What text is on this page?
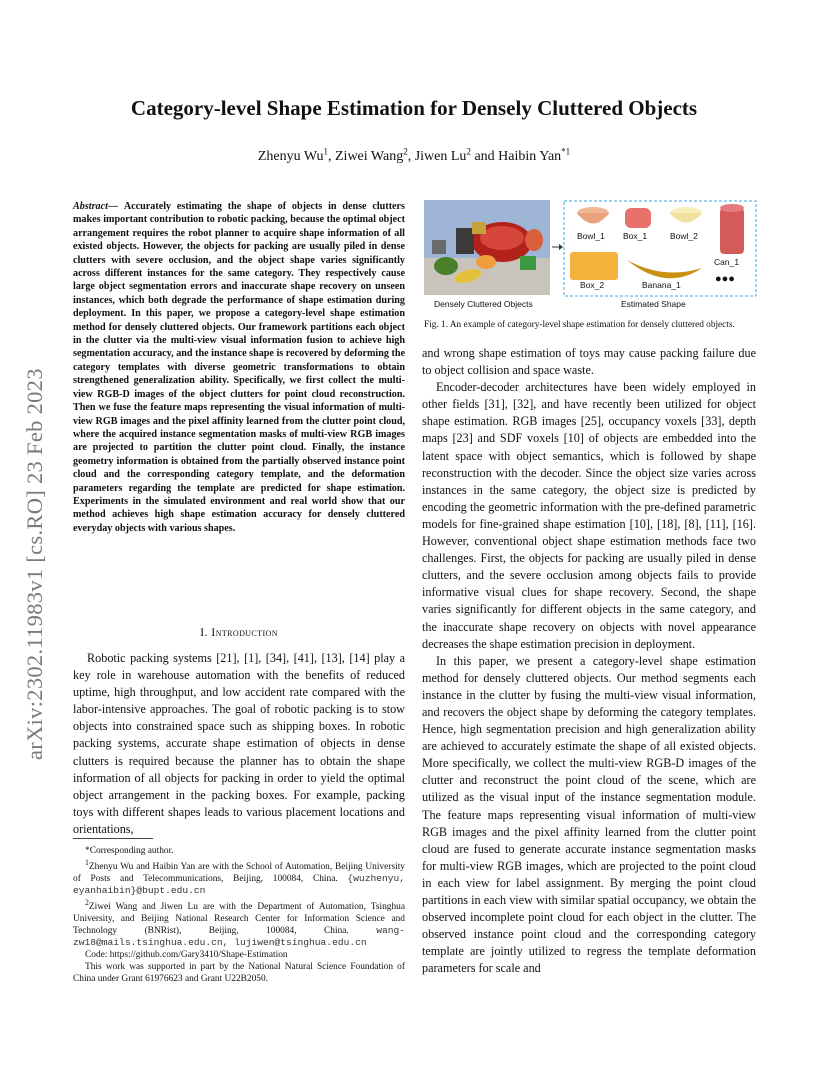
arXiv:2302.11983v1 [cs.RO] 23 Feb 2023
Category-level Shape Estimation for Densely Cluttered Objects
Zhenyu Wu$^1$, Ziwei Wang$^2$, Jiwen Lu$^2$ and Haibin Yan$^{*1}$
Abstract— Accurately estimating the shape of objects in dense clutters makes important contribution to robotic packing, because the optimal object arrangement requires the robot planner to acquire shape information of all existed objects. However, the objects for packing are usually piled in dense clutters with severe occlusion, and the object shape varies significantly across different instances for the same category. They respectively cause large object segmentation errors and inaccurate shape recovery on unseen instances, which both degrade the performance of shape estimation during deployment. In this paper, we propose a category-level shape estimation method for densely cluttered objects. Our framework partitions each object in the clutter via the multi-view visual information fusion to achieve high segmentation accuracy, and the instance shape is recovered by deforming the category templates with diverse geometric transformations to obtain strengthened generalization ability. Specifically, we first collect the multi-view RGB-D images of the object clutters for point cloud reconstruction. Then we fuse the feature maps representing the visual information of multi-view RGB images and the pixel affinity learned from the clutter point cloud, where the acquired instance segmentation masks of multi-view RGB images are projected to partition the clutter point cloud. Finally, the instance geometry information is obtained from the partially observed instance point cloud and the corresponding category template, and the deformation parameters regarding the template are predicted for shape estimation. Experiments in the simulated environment and real world show that our method achieves high shape estimation accuracy for densely cluttered everyday objects with various shapes.
I. Introduction

Robotic packing systems [21], [1], [34], [41], [13], [14] play a key role in warehouse automation with the benefits of reduced uptime, high throughput, and low accident rate compared with the labor-intensive approaches. The goal of robotic packing is to stow objects into constrained space such as shipping boxes. In robotic packing systems, accurate shape estimation of objects in dense clutters is required because the planner has to obtain the shape information of all objects for packing in order to yield the optimal object arrangement in the packing boxes. For example, packing toys with different shapes leads to various placement locations and orientations,

*Corresponding author.

$^1$Zhenyu Wu and Haibin Yan are with the School of Automation, Beijing University of Posts and Telecommunications, Beijing, 100084, China. {wuzhenyu, eyanhaibin}@bupt.edu.cn

$^2$Ziwei Wang and Jiwen Lu are with the Department of Automation, Tsinghua University, and Beijing National Research Center for Information Science and Technology (BNRist), Beijing, 100084, China.	wang-zw18@mails.tsinghua.edu.cn, lujiwen@tsinghua.edu.cn

Code: https://github.com/Gary3410/Shape-Estimation

This work was supported in part by the National Natural Science Foundation of China under Grant 61976623 and Grant U22B2050.

Densely Cluttered Objects	Estimated Shape
Bowl_1 Box_1	Bowl_2
Can_1
Box_2	Banana_1	●●●
Fig. 1. An example of category-level shape estimation for densely cluttered objects.

and wrong shape estimation of toys may cause packing failure due to object collision and space waste.

Encoder-decoder architectures have been widely employed in other fields [31], [32], and have recently been utilized for object shape estimation. RGB images [25], occupancy voxels [33], depth maps [23] and SDF voxels [10] of objects are embedded into the latent space with object semantics, which is followed by shape reconstruction with the decoder. Since the object size varies across instances in the same category, the object size is predicted by encoding the geometric information with the pre-defined parametric models for fine-grained shape estimation [10], [18], [8], [11], [16]. However, conventional object shape estimation methods face two challenges. First, the objects for packing are usually piled in dense clutters, and the severe occlusion among objects fails to provide informative visual clues for shape recovery. Second, the shape varies significantly for different objects in the same category, and the inaccurate shape recovery on objects with novel appearance decreases the shape estimation precision in deployment.

In this paper, we present a category-level shape estimation method for densely cluttered objects. Our method segments each instance in the clutter by fusing the multi-view visual information, and recovers the object shape by deforming the category templates. Hence, high segmentation precision and high generalization ability are achieved to accurately estimate the shape of all existed objects. More specifically, we collect the multi-view RGB-D images of the clutter and reconstruct the point cloud of the scene, which are utilized as the visual input of the instance segmentation module. The feature maps representing visual information of multi-view RGB images and the pixel affinity learned from the clutter point cloud are fused to generate accurate instance segmentation masks for multi-view RGB images, which are projected to the point cloud in each view for label assignment. By merging the point cloud partitions in each view with similar spatial occupancy, we obtain the observed incomplete point cloud for each object in the clutter. The observed instance point cloud and the corresponding category template are jointly utilized to regress the template deformation parameters for scale and
